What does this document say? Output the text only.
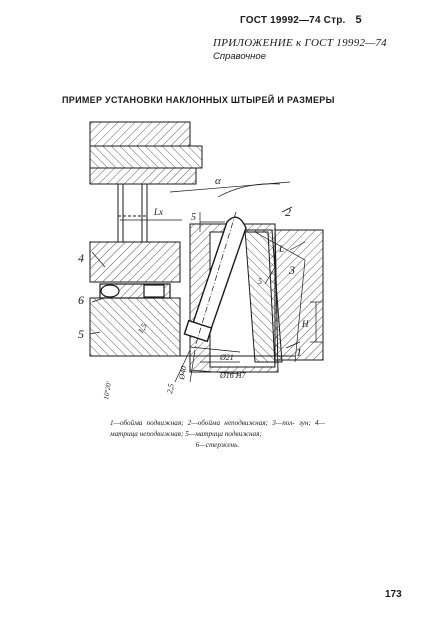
ГОСТ 19992—74 Стр. 5
ПРИЛОЖЕНИЕ к ГОСТ 19992—74
Справочное
ПРИМЕР УСТАНОВКИ НАКЛОННЫХ ШТЫРЕЙ И РАЗМЕРЫ
α
Lx	5	2
3
L
H
1
4
6
5	1,5
5
Ø21
Ø16 H7
Ø40
2,5
10°20'
1—обойма подвижная; 2—обойма неподвижная; 3—пол- зун; 4—матрица неподвижная; 5—матрица подвижная;
6—стержень.
173
